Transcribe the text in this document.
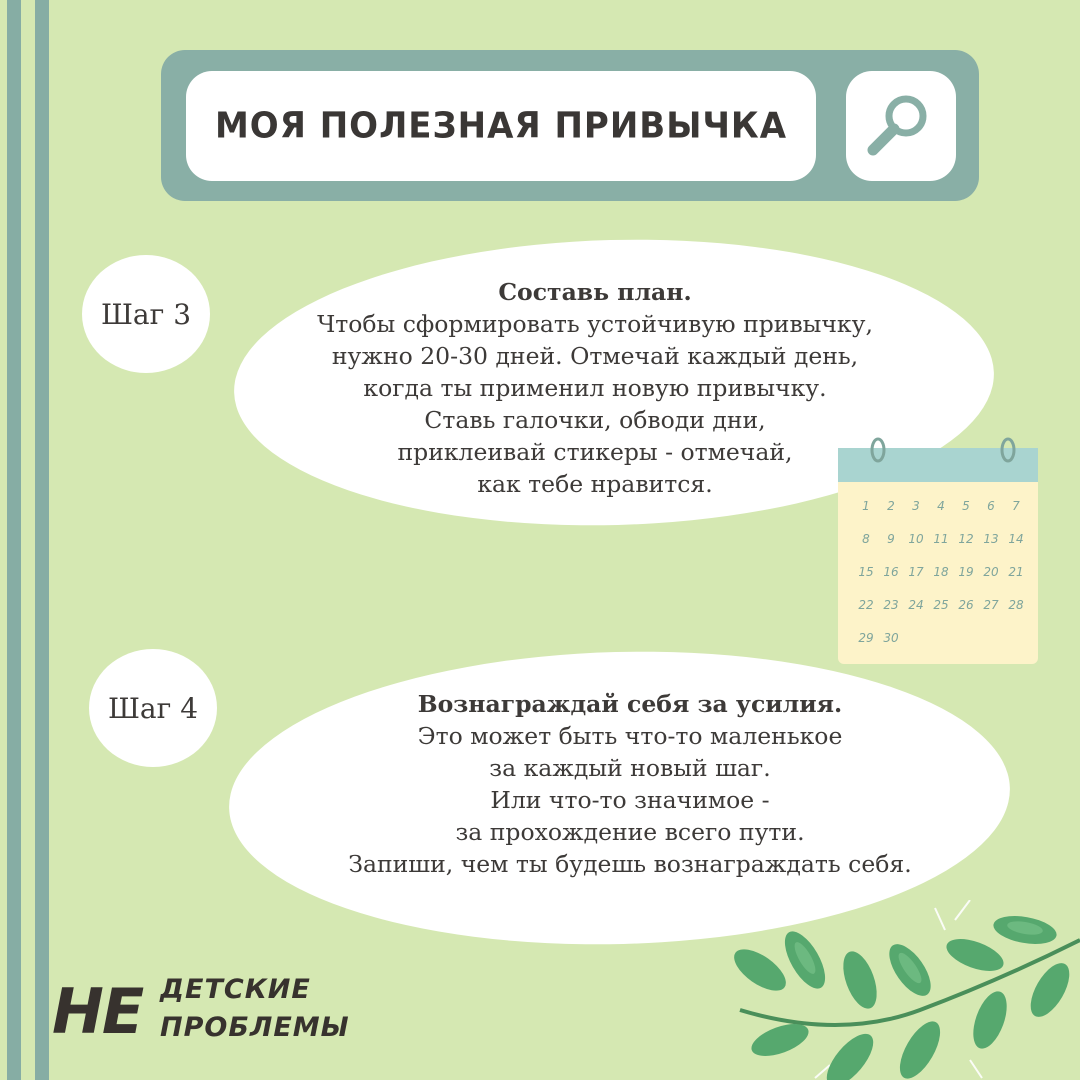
МОЯ ПОЛЕЗНАЯ ПРИВЫЧКА
Шаг 3
Составь план.
Чтобы сформировать устойчивую привычку,
нужно 20-30 дней. Отмечай каждый день,
когда ты применил новую привычку.
Ставь галочки, обводи дни,
приклеивай стикеры - отмечай,
как тебе нравится.
1 2 3 4 5 6 7
8 9 10 11 12 13 14
15 16 17 18 19 20 21
22 23 24 25 26 27 28
29 30
Шаг 4	Вознаграждай себя за усилия.
Это может быть что-то маленькое
за каждый новый шаг.
Или что-то значимое -
за прохождение всего пути.
Запиши, чем ты будешь вознаграждать себя.
НЕ ДЕТСКИЕ
ПРОБЛЕМЫ
